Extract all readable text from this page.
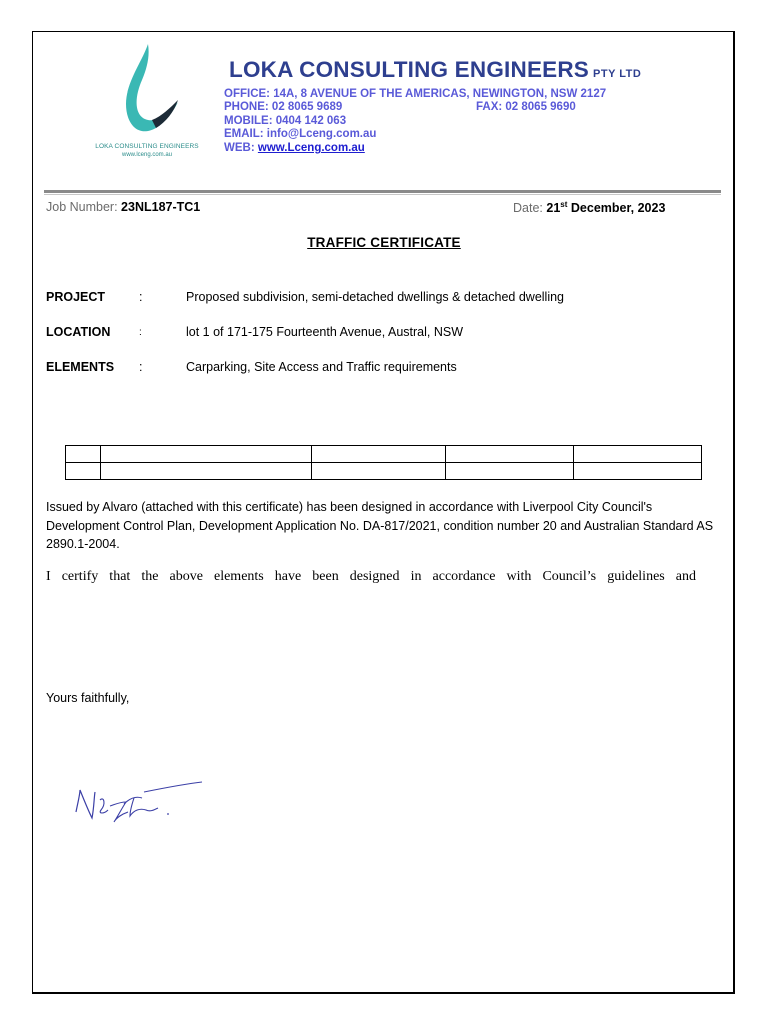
LOKA CONSULTING ENGINEERS
www.lceng.com.au
LOKA CONSULTING ENGINEERS PTY LTD
OFFICE: 14A, 8 AVENUE OF THE AMERICAS, NEWINGTON, NSW 2127
PHONE: 02 8065 9689	FAX: 02 8065 9690
MOBILE: 0404 142 063
EMAIL: info@Lceng.com.au
WEB: www.Lceng.com.au
Job Number: 23NL187-TC1	Date: 21st December, 2023
TRAFFIC CERTIFICATE
PROJECT	:	Proposed subdivision, semi-detached dwellings & detached dwelling
LOCATION	:	lot 1 of 171-175 Fourteenth Avenue, Austral, NSW
ELEMENTS :	Carparking, Site Access and Traffic requirements

Issued by Alvaro (attached with this certificate) has been designed in accordance with Liverpool City Council's Development Control Plan, Development Application No. DA-817/2021, condition number 20 and Australian Standard AS 2890.1-2004.
I certify that the above elements have been designed in accordance with Council’s guidelines and
Yours faithfully,
